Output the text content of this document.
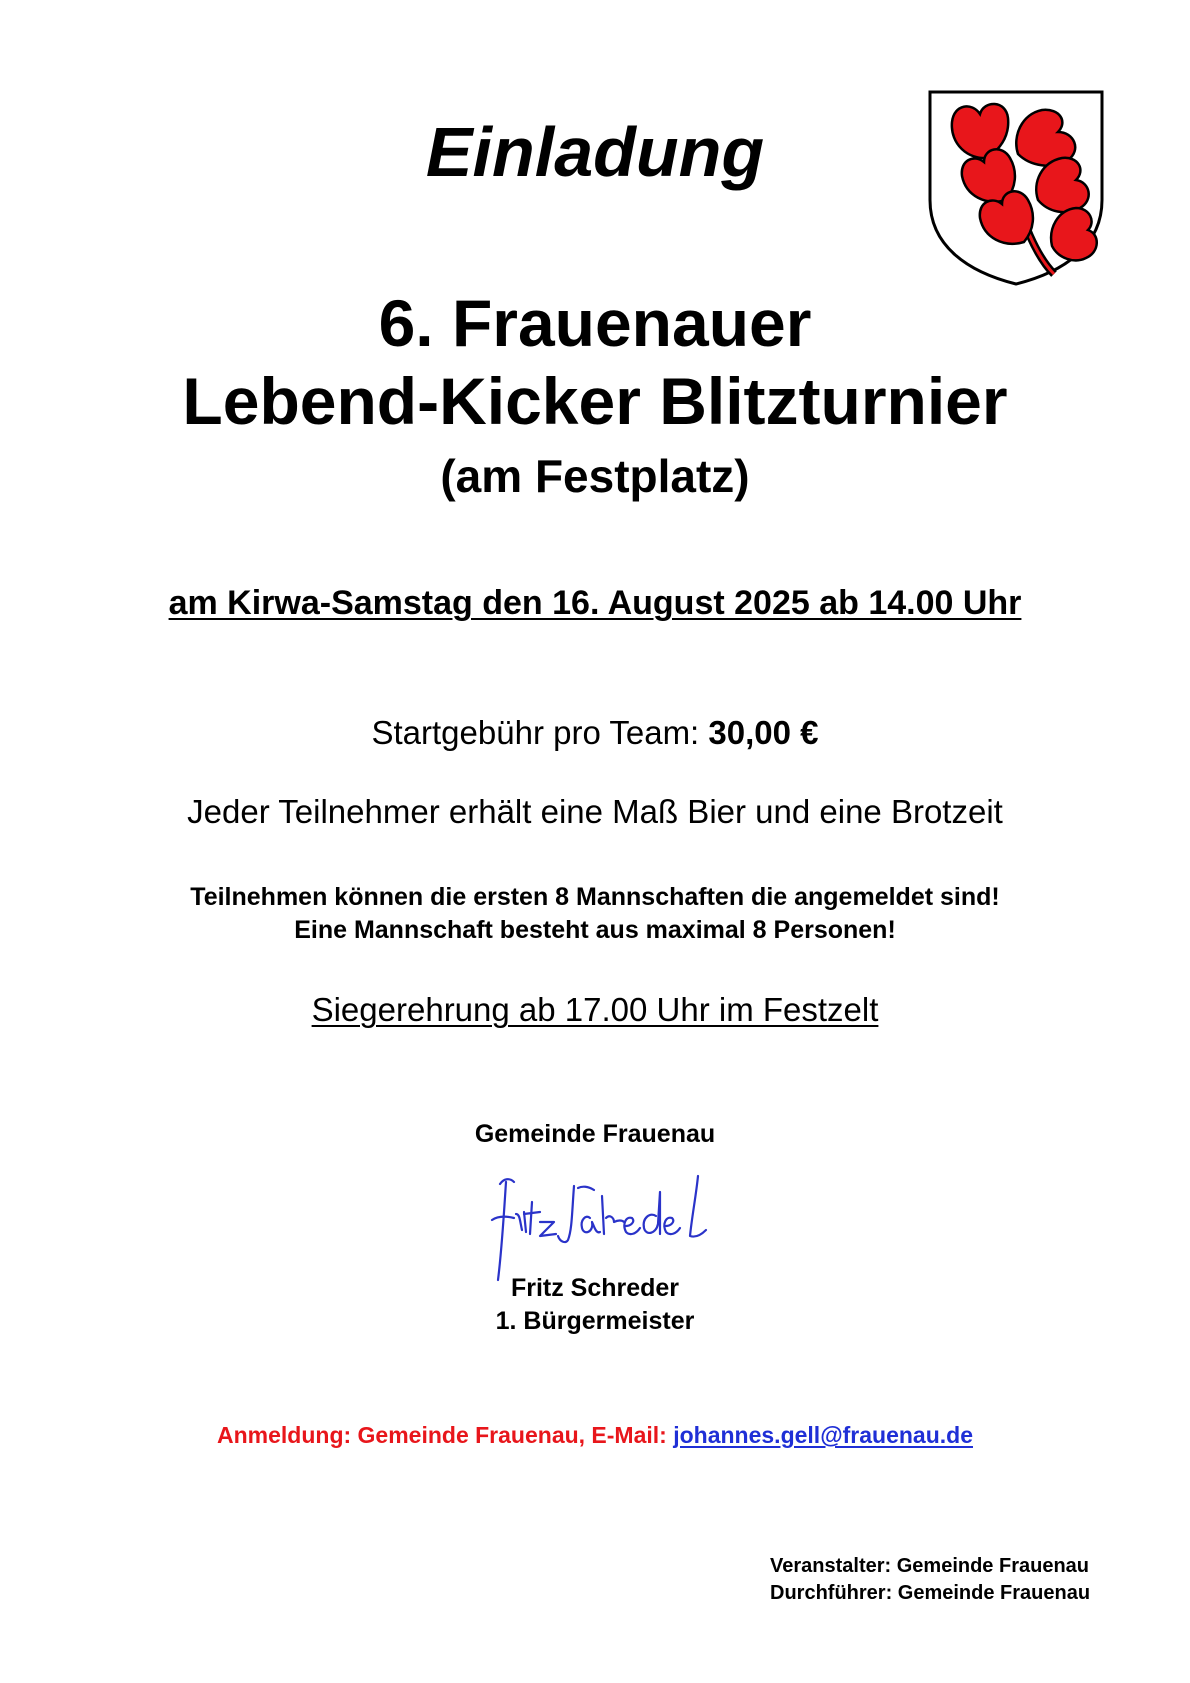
Einladung
6. Frauenauer
Lebend-Kicker Blitzturnier
(am Festplatz)
am Kirwa-Samstag den 16. August 2025 ab 14.00 Uhr
Startgebühr pro Team: 30,00 €
Jeder Teilnehmer erhält eine Maß Bier und eine Brotzeit
Teilnehmen können die ersten 8 Mannschaften die angemeldet sind!
Eine Mannschaft besteht aus maximal 8 Personen!
Siegerehrung ab 17.00 Uhr im Festzelt
Gemeinde Frauenau
Fritz Schreder
1. Bürgermeister
Anmeldung: Gemeinde Frauenau, E-Mail: johannes.gell@frauenau.de
Veranstalter: Gemeinde Frauenau
Durchführer: Gemeinde Frauenau
